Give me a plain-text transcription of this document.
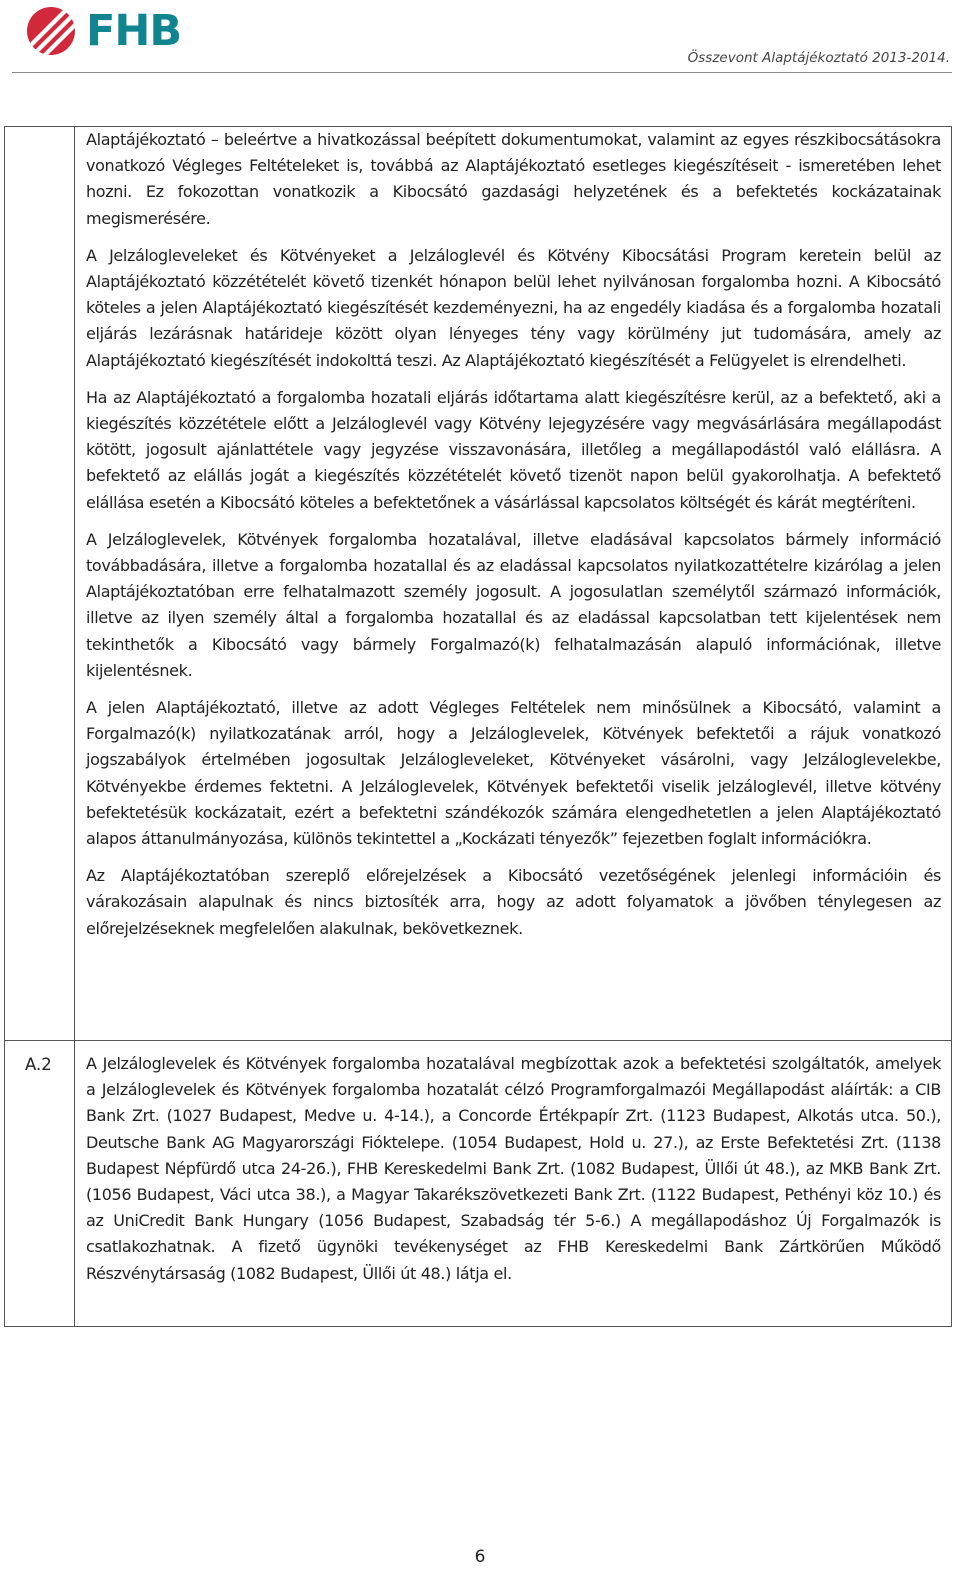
FHB
Összevont Alaptájékoztató 2013-2014.

Alaptájékoztató – beleértve a hivatkozással beépített dokumentumokat, valamint az egyes részkibocsátásokra vonatkozó Végleges Feltételeket is, továbbá az Alaptájékoztató esetleges kiegészítéseit - ismeretében lehet hozni. Ez fokozottan vonatkozik a Kibocsátó gazdasági helyzetének és a befektetés kockázatainak megismerésére.

A Jelzálogleveleket és Kötvényeket a Jelzáloglevél és Kötvény Kibocsátási Program keretein belül az Alaptájékoztató közzétételét követő tizenkét hónapon belül lehet nyilvánosan forgalomba hozni. A Kibocsátó köteles a jelen Alaptájékoztató kiegészítését kezdeményezni, ha az engedély kiadása és a forgalomba hozatali eljárás lezárásnak határideje között olyan lényeges tény vagy körülmény jut tudomására, amely az Alaptájékoztató kiegészítését indokolttá teszi. Az Alaptájékoztató kiegészítését a Felügyelet is elrendelheti.

Ha az Alaptájékoztató a forgalomba hozatali eljárás időtartama alatt kiegészítésre kerül, az a befektető, aki a kiegészítés közzététele előtt a Jelzáloglevél vagy Kötvény lejegyzésére vagy megvásárlására megállapodást kötött, jogosult ajánlattétele vagy jegyzése visszavonására, illetőleg a megállapodástól való elállásra. A befektető az elállás jogát a kiegészítés közzétételét követő tizenöt napon belül gyakorolhatja. A befektető elállása esetén a Kibocsátó köteles a befektetőnek a vásárlással kapcsolatos költségét és kárát megtéríteni.

A Jelzáloglevelek, Kötvények forgalomba hozatalával, illetve eladásával kapcsolatos bármely információ továbbadására, illetve a forgalomba hozatallal és az eladással kapcsolatos nyilatkozattételre kizárólag a jelen Alaptájékoztatóban erre felhatalmazott személy jogosult. A jogosulatlan személytől származó információk, illetve az ilyen személy által a forgalomba hozatallal és az eladással kapcsolatban tett kijelentések nem tekinthetők a Kibocsátó vagy bármely Forgalmazó(k) felhatalmazásán alapuló információnak, illetve kijelentésnek.

A jelen Alaptájékoztató, illetve az adott Végleges Feltételek nem minősülnek a Kibocsátó, valamint a Forgalmazó(k) nyilatkozatának arról, hogy a Jelzáloglevelek, Kötvények befektetői a rájuk vonatkozó jogszabályok értelmében jogosultak Jelzálogleveleket, Kötvényeket vásárolni, vagy Jelzáloglevelekbe, Kötvényekbe érdemes fektetni. A Jelzáloglevelek, Kötvények befektetői viselik jelzáloglevél, illetve kötvény befektetésük kockázatait, ezért a befektetni szándékozók számára elengedhetetlen a jelen Alaptájékoztató alapos áttanulmányozása, különös tekintettel a „Kockázati tényezők” fejezetben foglalt információkra.

Az Alaptájékoztatóban szereplő előrejelzések a Kibocsátó vezetőségének jelenlegi információin és várakozásain alapulnak és nincs biztosíték arra, hogy az adott folyamatok a jövőben ténylegesen az előrejelzéseknek megfelelően alakulnak, bekövetkeznek.

A.2 A Jelzáloglevelek és Kötvények forgalomba hozatalával megbízottak azok a befektetési szolgáltatók, amelyek a Jelzáloglevelek és Kötvények forgalomba hozatalát célzó Programforgalmazói Megállapodást aláírták: a CIB Bank Zrt. (1027 Budapest, Medve u. 4-14.), a Concorde Értékpapír Zrt. (1123 Budapest, Alkotás utca. 50.), Deutsche Bank AG Magyarországi Fióktelepe. (1054 Budapest, Hold u. 27.), az Erste Befektetési Zrt. (1138 Budapest Népfürdő utca 24-26.), FHB Kereskedelmi Bank Zrt. (1082 Budapest, Üllői út 48.), az MKB Bank Zrt. (1056 Budapest, Váci utca 38.), a Magyar Takarékszövetkezeti Bank Zrt. (1122 Budapest, Pethényi köz 10.) és az UniCredit Bank Hungary (1056 Budapest, Szabadság tér 5-6.) A megállapodáshoz Új Forgalmazók is csatlakozhatnak. A fizető ügynöki tevékenységet az FHB Kereskedelmi Bank Zártkörűen Működő Részvénytársaság (1082 Budapest, Üllői út 48.) látja el.

6
